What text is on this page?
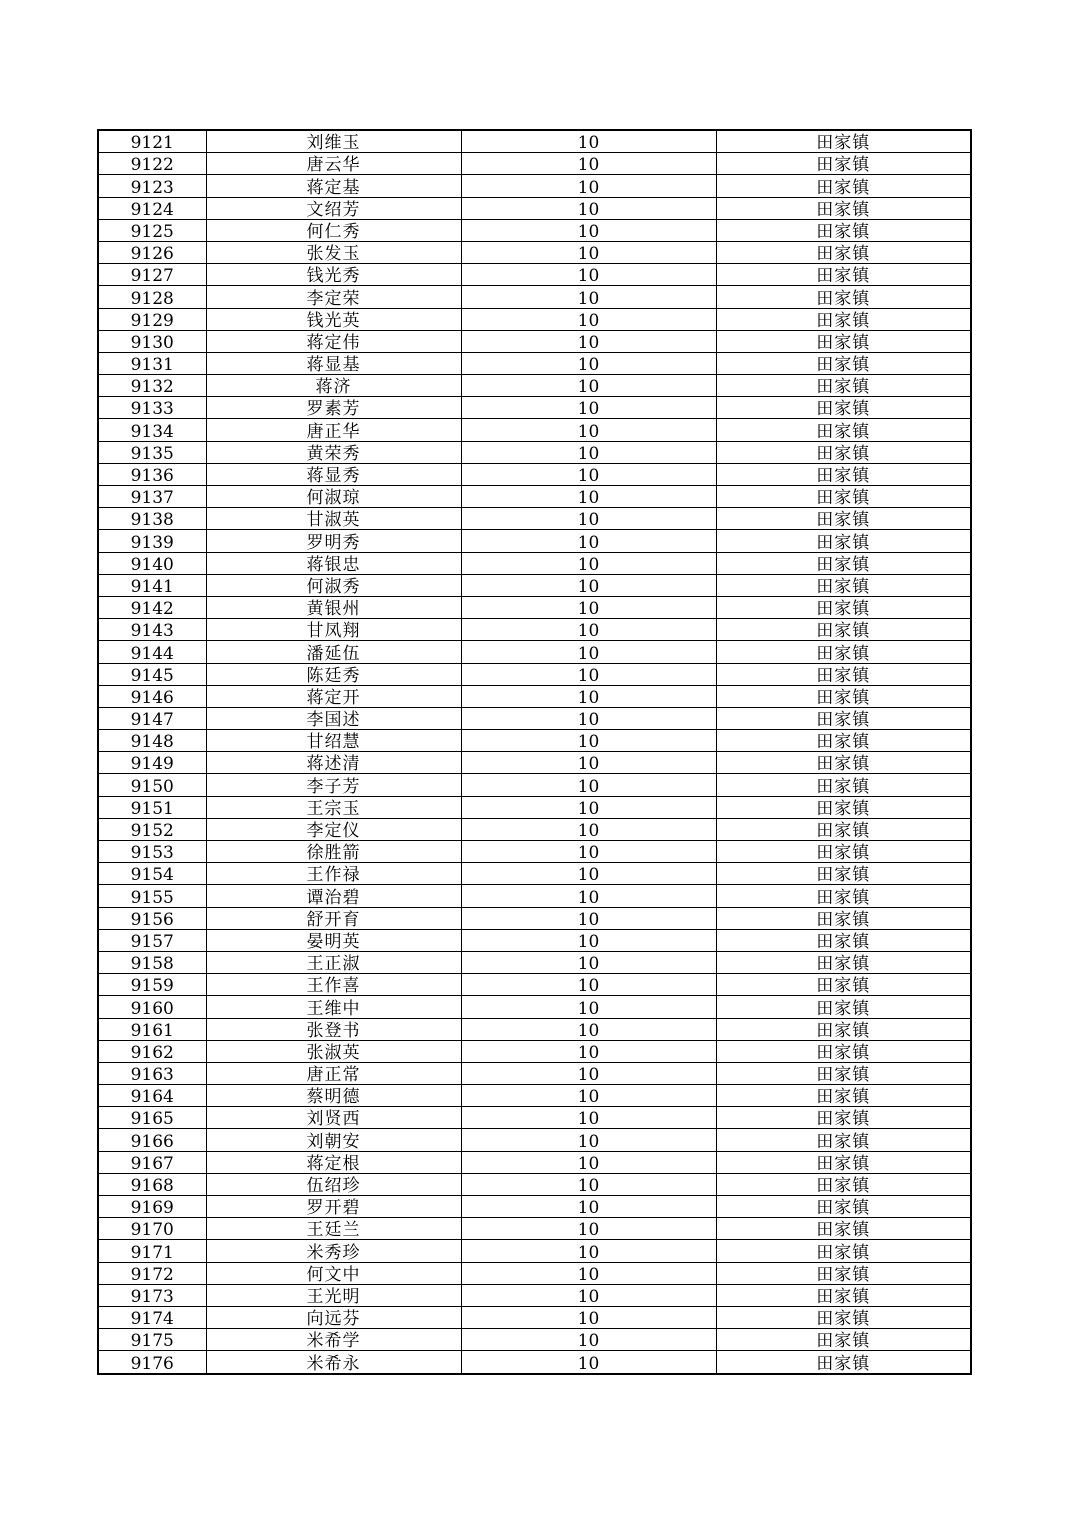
9121	刘维玉	10	田家镇
9122	唐云华	10	田家镇
9123	蒋定基	10	田家镇
9124	文绍芳	10	田家镇
9125	何仁秀	10	田家镇
9126	张发玉	10	田家镇
9127	钱光秀	10	田家镇
9128	李定荣	10	田家镇
9129	钱光英	10	田家镇
9130	蒋定伟	10	田家镇
9131	蒋显基	10	田家镇
9132	蒋济	10	田家镇
9133	罗素芳	10	田家镇
9134	唐正华	10	田家镇
9135	黄荣秀	10	田家镇
9136	蒋显秀	10	田家镇
9137	何淑琼	10	田家镇
9138	甘淑英	10	田家镇
9139	罗明秀	10	田家镇
9140	蒋银忠	10	田家镇
9141	何淑秀	10	田家镇
9142	黄银州	10	田家镇
9143	甘凤翔	10	田家镇
9144	潘延伍	10	田家镇
9145	陈廷秀	10	田家镇
9146	蒋定开	10	田家镇
9147	李国述	10	田家镇
9148	甘绍慧	10	田家镇
9149	蒋述清	10	田家镇
9150	李子芳	10	田家镇
9151	王宗玉	10	田家镇
9152	李定仪	10	田家镇
9153	徐胜箭	10	田家镇
9154	王作禄	10	田家镇
9155	谭治碧	10	田家镇
9156	舒开育	10	田家镇
9157	晏明英	10	田家镇
9158	王正淑	10	田家镇
9159	王作喜	10	田家镇
9160	王维中	10	田家镇
9161	张登书	10	田家镇
9162	张淑英	10	田家镇
9163	唐正常	10	田家镇
9164	蔡明德	10	田家镇
9165	刘贤西	10	田家镇
9166	刘朝安	10	田家镇
9167	蒋定根	10	田家镇
9168	伍绍珍	10	田家镇
9169	罗开碧	10	田家镇
9170	王廷兰	10	田家镇
9171	米秀珍	10	田家镇
9172	何文中	10	田家镇
9173	王光明	10	田家镇
9174	向远芬	10	田家镇
9175	米希学	10	田家镇
9176	米希永	10	田家镇
